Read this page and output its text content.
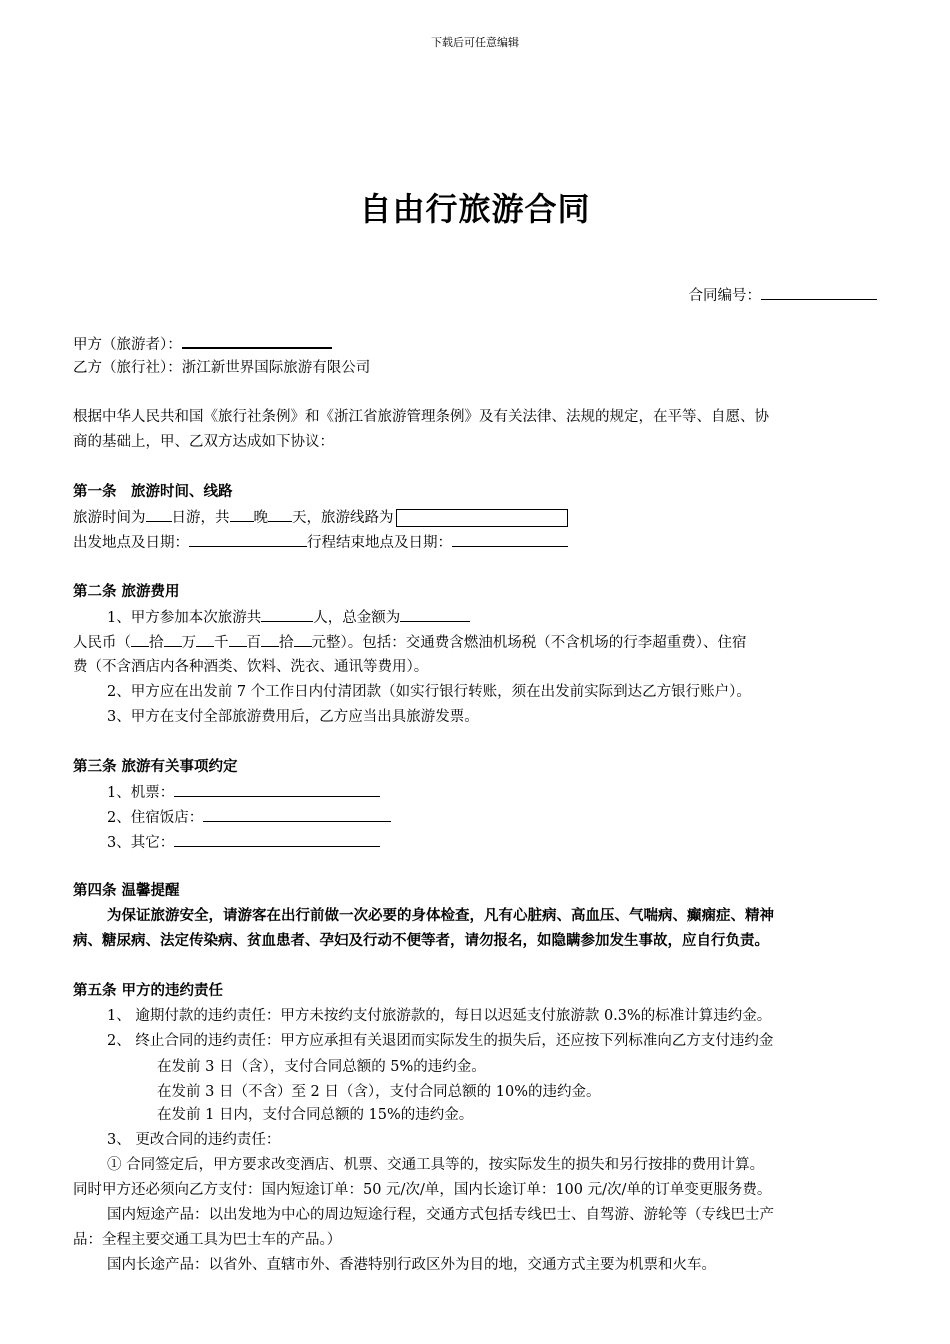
下载后可任意编辑
自由行旅游合同
合同编号：
甲方（旅游者）：
乙方（旅行社）：浙江新世界国际旅游有限公司
根据中华人民共和国《旅行社条例》和《浙江省旅游管理条例》及有关法律、法规的规定，在平等、自愿、协
商的基础上，甲、乙双方达成如下协议：
第一条　旅游时间、线路
旅游时间为 日游，共 晚 天，旅游线路为
出发地点及日期：	行程结束地点及日期：
第二条 旅游费用
1、甲方参加本次旅游共	人，总金额为
人民币（ 拾 万 千 百 拾 元整）。包括：交通费含燃油机场税（不含机场的行李超重费）、住宿
费（不含酒店内各种酒类、饮料、洗衣、通讯等费用）。
2、甲方应在出发前 7 个工作日内付清团款（如实行银行转账，须在出发前实际到达乙方银行账户）。
3、甲方在支付全部旅游费用后，乙方应当出具旅游发票。
第三条 旅游有关事项约定
1、机票：
2、住宿饭店：
3、其它：
第四条 温馨提醒
为保证旅游安全，请游客在出行前做一次必要的身体检查，凡有心脏病、高血压、气喘病、癫痫症、精神
病、糖尿病、法定传染病、贫血患者、孕妇及行动不便等者，请勿报名，如隐瞒参加发生事故，应自行负责。
第五条 甲方的违约责任
1、 逾期付款的违约责任：甲方未按约支付旅游款的，每日以迟延支付旅游款 0.3%的标准计算违约金。
2、 终止合同的违约责任：甲方应承担有关退团而实际发生的损失后，还应按下列标准向乙方支付违约金
在发前 3 日（含），支付合同总额的 5%的违约金。
在发前 3 日（不含）至 2 日（含），支付合同总额的 10%的违约金。
在发前 1 日内，支付合同总额的 15%的违约金。
3、 更改合同的违约责任：
① 合同签定后，甲方要求改变酒店、机票、交通工具等的，按实际发生的损失和另行按排的费用计算。
同时甲方还必须向乙方支付：国内短途订单：50 元/次/单，国内长途订单：100 元/次/单的订单变更服务费。
国内短途产品：以出发地为中心的周边短途行程，交通方式包括专线巴士、自驾游、游轮等（专线巴士产
品：全程主要交通工具为巴士车的产品。）
国内长途产品：以省外、直辖市外、香港特别行政区外为目的地，交通方式主要为机票和火车。
